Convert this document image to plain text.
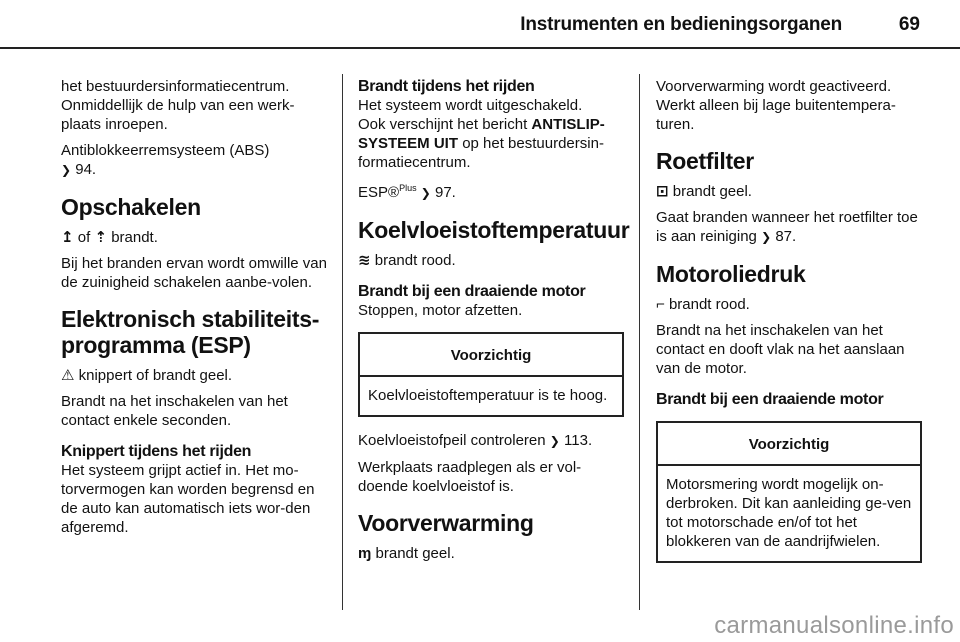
Instrumenten en bedieningsorganen	69

het bestuurdersinformatiecentrum. Onmiddellijk de hulp van een werk-plaats inroepen.

Antiblokkeerremsysteem (ABS)
❯ 94.

Opschakelen

↥ of ⇡ brandt.

Bij het branden ervan wordt omwille van de zuinigheid schakelen aanbe-volen.

Elektronisch stabiliteits-programma (ESP)

⚠ knippert of brandt geel.

Brandt na het inschakelen van het contact enkele seconden.

Knippert tijdens het rijden

Het systeem grijpt actief in. Het mo-torvermogen kan worden begrensd en de auto kan automatisch iets wor-den afgeremd.

Brandt tijdens het rijden

Het systeem wordt uitgeschakeld.

Ook verschijnt het bericht ANTISLIP-SYSTEEM UIT op het bestuurdersin-formatiecentrum.

ESP®$^{Plus}$ ❯ 97.

Koelvloeistoftemperatuur

≋ brandt rood.

Brandt bij een draaiende motor

Stoppen, motor afzetten.

Voorzichtig
Koelvloeistoftemperatuur is te hoog.

Koelvloeistofpeil controleren ❯ 113.

Werkplaats raadplegen als er vol-doende koelvloeistof is.

Voorverwarming

ɱ brandt geel.

Voorverwarming wordt geactiveerd. Werkt alleen bij lage buitentempera-turen.

Roetfilter

⊡ brandt geel.

Gaat branden wanneer het roetfilter toe is aan reiniging ❯ 87.

Motoroliedruk

⌐ brandt rood.

Brandt na het inschakelen van het contact en dooft vlak na het aanslaan van de motor.

Brandt bij een draaiende motor
Voorzichtig
Motorsmering wordt mogelijk on-derbroken. Dit kan aanleiding ge-ven tot motorschade en/of tot het blokkeren van de aandrijfwielen.
carmanualsonline.info
